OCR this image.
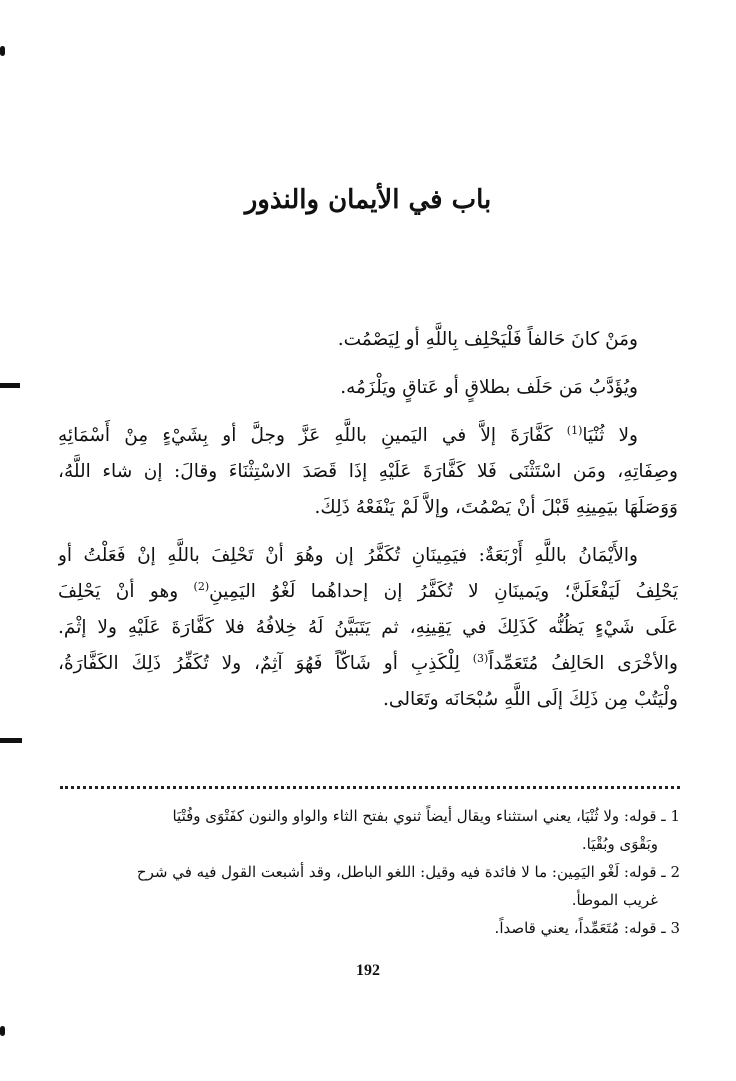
باب في الأيمان والنذور

ومَنْ كانَ حَالفاً فَلْيَحْلِف بِاللَّهِ أو لِيَصْمُت.

ويُؤَدَّبُ مَن حَلَف بطلاقٍ أو عَتاقٍ ويَلْزَمُه.

ولا ثُنْيَا$^{(1)}$ كَفَّارَةَ إلاَّ في اليَمينِ باللَّهِ عَزَّ وجلَّ أو بِشَيْءٍ مِنْ أَسْمَائِهِ
وصِفَاتِهِ، ومَن اسْتَثْنَى فَلا كَفَّارَةَ عَلَيْهِ إذَا قَصَدَ الاسْتِثْنَاءَ وقالَ: إن شاء اللَّهُ،
وَوَصَلَهَا بيَمِينِهِ قَبْلَ أنْ يَصْمُتَ، وإلاَّ لَمْ يَنْفَعْهُ ذَلِكَ.

والأَيْمَانُ باللَّهِ أَرْبَعَةٌ: فيَمِينَانِ تُكَفَّرُ إن وهُوَ أنْ تَحْلِفَ باللَّهِ إنْ فَعَلْتُ أو
يَحْلِفُ لَيَفْعَلَنَّ؛ ويَمينَانِ لا تُكَفَّرُ إن إحداهُما لَغْوُ اليَمِينِ$^{(2)}$ وهو أنْ يَحْلِفَ
عَلَى شَيْءٍ يَظُنُّه كَذَلِكَ في يَقِينِهِ، ثم يَتَبَيَّنُ لَهُ خِلافُهُ فلا كَفَّارَةَ عَلَيْهِ ولا إثْمَ.
والأخْرَى الحَالِفُ مُتَعَمِّداً$^{(3)}$ لِلْكَذِبِ أو شَاكّاً فَهُوَ آثِمٌ، ولا تُكَفِّرُ ذَلِكَ الكَفَّارَةُ،
ولْيَتُبْ مِن ذَلِكَ إلَى اللَّهِ سُبْحَانَه وتَعَالى.

1 ـ قوله: ولا ثُنْيَا، يعني استثناء ويقال أيضاً ثنوي بفتح الثاء والواو والنون كفَتْوَى وفُتْيَا
وبَقْوَى وبُقْيَا.
2 ـ قوله: لَغْو اليَمِين: ما لا فائدة فيه وقيل: اللغو الباطل، وقد أشبعت القول فيه في شرح
غريب الموطأ.
3 ـ قوله: مُتَعَمِّداً، يعني قاصداً.
192
